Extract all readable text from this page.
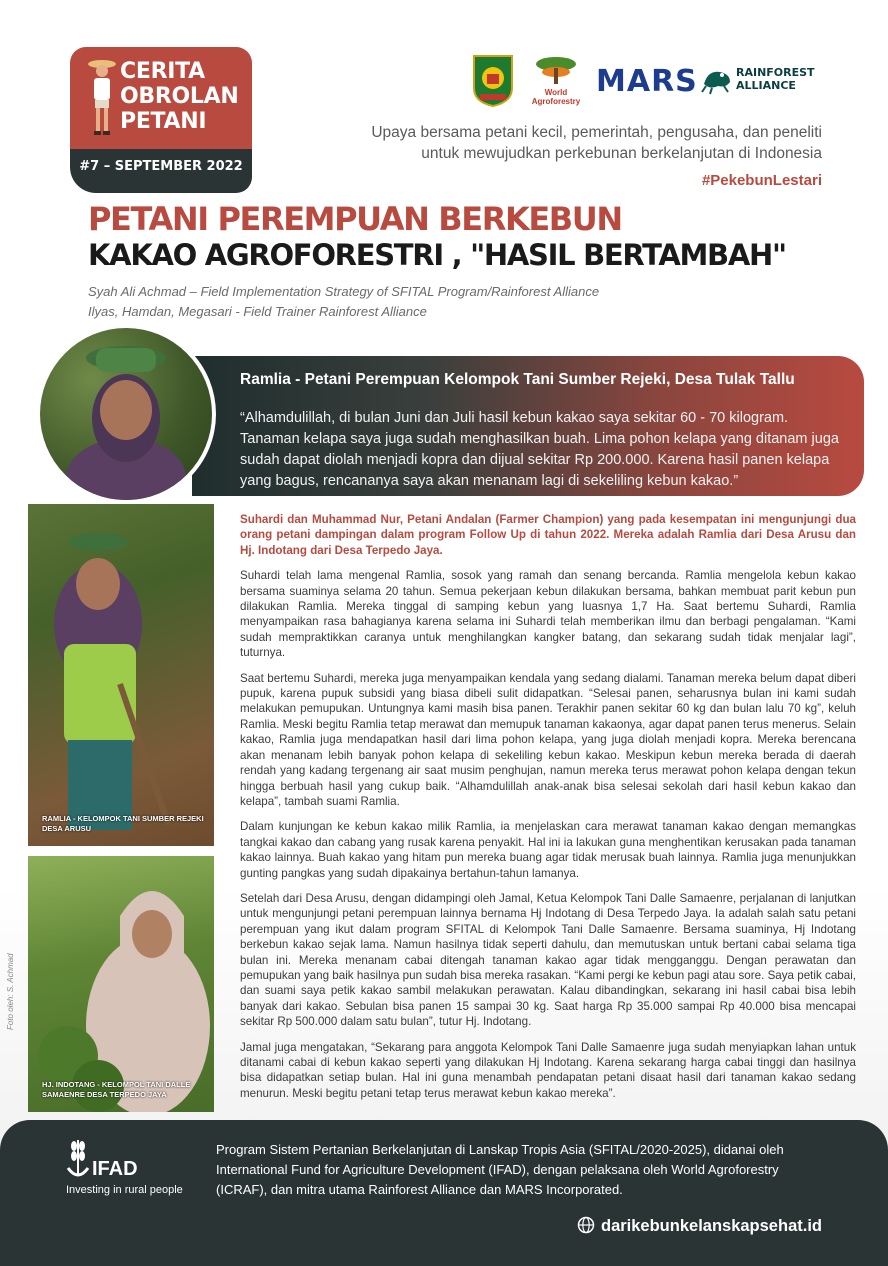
CERITA
OBROLAN
PETANI
#7 – SEPTEMBER 2022
World
Agroforestry
MARS	RAINFOREST
ALLIANCE
Upaya bersama petani kecil, pemerintah, pengusaha, dan peneliti
untuk mewujudkan perkebunan berkelanjutan di Indonesia
#PekebunLestari
PETANI PEREMPUAN BERKEBUN
KAKAO AGROFORESTRI , "HASIL BERTAMBAH"
Syah Ali Achmad – Field Implementation Strategy of SFITAL Program/Rainforest Alliance
Ilyas, Hamdan, Megasari - Field Trainer Rainforest Alliance
Ramlia - Petani Perempuan Kelompok Tani Sumber Rejeki, Desa Tulak Tallu
“Alhamdulillah, di bulan Juni dan Juli hasil kebun kakao saya sekitar 60 - 70 kilogram. Tanaman kelapa saya juga sudah menghasilkan buah. Lima pohon kelapa yang ditanam juga sudah dapat diolah menjadi kopra dan dijual sekitar Rp 200.000. Karena hasil panen kelapa yang bagus, rencananya saya akan menanam lagi di sekeliling kebun kakao.”
RAMLIA - KELOMPOK TANI SUMBER REJEKI DESA ARUSU
HJ. INDOTANG - KELOMPOL TANI DALLE SAMAENRE DESA TERPEDO JAYA
Foto oleh: S. Achmad

Suhardi dan Muhammad Nur, Petani Andalan (Farmer Champion) yang pada kesempatan ini mengunjungi dua orang petani dampingan dalam program Follow Up di tahun 2022. Mereka adalah Ramlia dari Desa Arusu dan Hj. Indotang dari Desa Terpedo Jaya.

Suhardi telah lama mengenal Ramlia, sosok yang ramah dan senang bercanda. Ramlia mengelola kebun kakao bersama suaminya selama 20 tahun. Semua pekerjaan kebun dilakukan bersama, bahkan membuat parit kebun pun dilakukan Ramlia. Mereka tinggal di samping kebun yang luasnya 1,7 Ha. Saat bertemu Suhardi, Ramlia menyampaikan rasa bahagianya karena selama ini Suhardi telah memberikan ilmu dan berbagi pengalaman. “Kami sudah mempraktikkan caranya untuk menghilangkan kangker batang, dan sekarang sudah tidak menjalar lagi”, tuturnya.

Saat bertemu Suhardi, mereka juga menyampaikan kendala yang sedang dialami. Tanaman mereka belum dapat diberi pupuk, karena pupuk subsidi yang biasa dibeli sulit didapatkan. “Selesai panen, seharusnya bulan ini kami sudah melakukan pemupukan. Untungnya kami masih bisa panen. Terakhir panen sekitar 60 kg dan bulan lalu 70 kg”, keluh Ramlia. Meski begitu Ramlia tetap merawat dan memupuk tanaman kakaonya, agar dapat panen terus menerus. Selain kakao, Ramlia juga mendapatkan hasil dari lima pohon kelapa, yang juga diolah menjadi kopra. Mereka berencana akan menanam lebih banyak pohon kelapa di sekeliling kebun kakao. Meskipun kebun mereka berada di daerah rendah yang kadang tergenang air saat musim penghujan, namun mereka terus merawat pohon kelapa dengan tekun hingga berbuah hasil yang cukup baik. “Alhamdulillah anak-anak bisa selesai sekolah dari hasil kebun kakao dan kelapa”, tambah suami Ramlia.

Dalam kunjungan ke kebun kakao milik Ramlia, ia menjelaskan cara merawat tanaman kakao dengan memangkas tangkai kakao dan cabang yang rusak karena penyakit. Hal ini ia lakukan guna menghentikan kerusakan pada tanaman kakao lainnya. Buah kakao yang hitam pun mereka buang agar tidak merusak buah lainnya. Ramlia juga menunjukkan gunting pangkas yang sudah dipakainya bertahun-tahun lamanya.

Setelah dari Desa Arusu, dengan didampingi oleh Jamal, Ketua Kelompok Tani Dalle Samaenre, perjalanan di lanjutkan untuk mengunjungi petani perempuan lainnya bernama Hj Indotang di Desa Terpedo Jaya. Ia adalah salah satu petani perempuan yang ikut dalam program SFITAL di Kelompok Tani Dalle Samaenre. Bersama suaminya, Hj Indotang berkebun kakao sejak lama. Namun hasilnya tidak seperti dahulu, dan memutuskan untuk bertani cabai selama tiga bulan ini. Mereka menanam cabai ditengah tanaman kakao agar tidak mengganggu. Dengan perawatan dan pemupukan yang baik hasilnya pun sudah bisa mereka rasakan. “Kami pergi ke kebun pagi atau sore. Saya petik cabai, dan suami saya petik kakao sambil melakukan perawatan. Kalau dibandingkan, sekarang ini hasil cabai bisa lebih banyak dari kakao. Sebulan bisa panen 15 sampai 30 kg. Saat harga Rp 35.000 sampai Rp 40.000 bisa mencapai sekitar Rp 500.000 dalam satu bulan”, tutur Hj. Indotang.

Jamal juga mengatakan, “Sekarang para anggota Kelompok Tani Dalle Samaenre juga sudah menyiapkan lahan untuk ditanami cabai di kebun kakao seperti yang dilakukan Hj Indotang. Karena sekarang harga cabai tinggi dan hasilnya bisa didapatkan setiap bulan. Hal ini guna menambah pendapatan petani disaat hasil dari tanaman kakao sedang menurun. Meski begitu petani tetap terus merawat kebun kakao mereka”.

IFAD
Investing in rural people
Program Sistem Pertanian Berkelanjutan di Lanskap Tropis Asia (SFITAL/2020-2025), didanai oleh International Fund for Agriculture Development (IFAD), dengan pelaksana oleh World Agroforestry (ICRAF), dan mitra utama Rainforest Alliance dan MARS Incorporated.
darikebunkelanskapsehat.id
